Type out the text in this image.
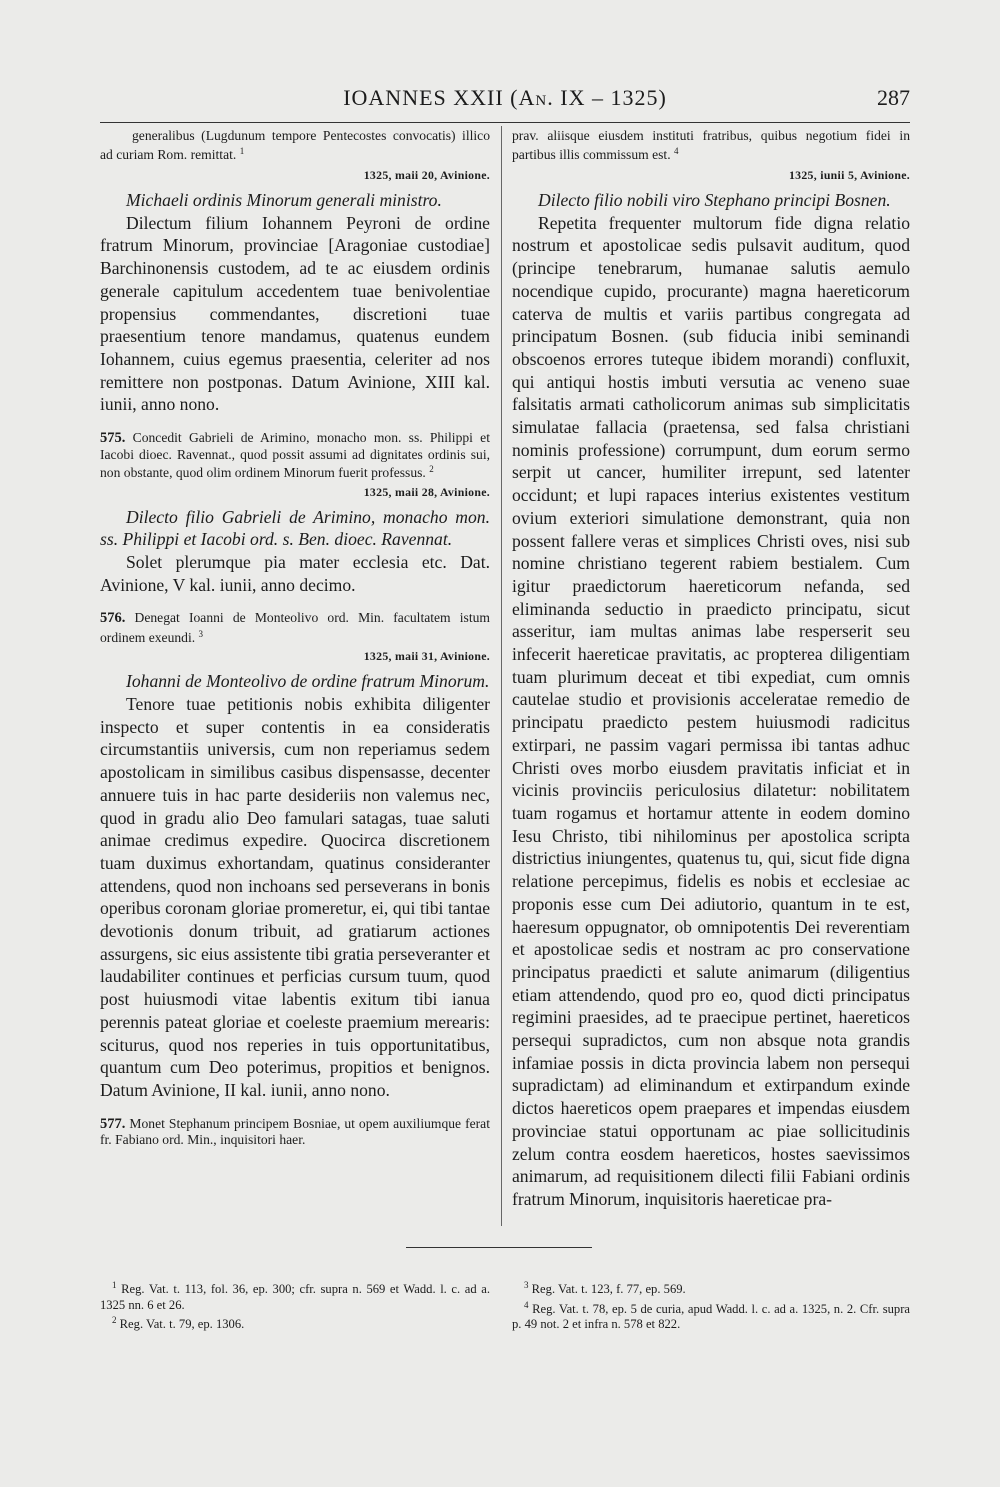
IOANNES XXII (AN. IX – 1325)	287

generalibus (Lugdunum tempore Pentecostes convocatis) illico ad curiam Rom. remittat. $^1$

1325, maii 20, Avinione.

Michaeli ordinis Minorum generali ministro.

Dilectum filium Iohannem Peyroni de ordine fratrum Minorum, provinciae [Aragoniae custodiae] Barchinonensis custodem, ad te ac eiusdem ordinis generale capitulum accedentem tuae benivolentiae propensius commendantes, discretioni tuae praesentium tenore mandamus, quatenus eundem Iohannem, cuius egemus praesentia, celeriter ad nos remittere non postponas. Datum Avinione, XIII kal. iunii, anno nono.

575. Concedit Gabrieli de Arimino, monacho mon. ss. Philippi et Iacobi dioec. Ravennat., quod possit assumi ad dignitates ordinis sui, non obstante, quod olim ordinem Minorum fuerit professus. $^2$

1325, maii 28, Avinione.

Dilecto filio Gabrieli de Arimino, monacho mon. ss. Philippi et Iacobi ord. s. Ben. dioec. Ravennat.

Solet plerumque pia mater ecclesia etc. Dat. Avinione, V kal. iunii, anno decimo.

576. Denegat Ioanni de Monteolivo ord. Min. facultatem istum ordinem exeundi. $^3$

1325, maii 31, Avinione.

Iohanni de Monteolivo de ordine fratrum Minorum.

Tenore tuae petitionis nobis exhibita diligenter inspecto et super contentis in ea consideratis circumstantiis universis, cum non reperiamus sedem apostolicam in similibus casibus dispensasse, decenter annuere tuis in hac parte desideriis non valemus nec, quod in gradu alio Deo famulari satagas, tuae saluti animae credimus expedire. Quocirca discretionem tuam duximus exhortandam, quatinus consideranter attendens, quod non inchoans sed perseverans in bonis operibus coronam gloriae promeretur, ei, qui tibi tantae devotionis donum tribuit, ad gratiarum actiones assurgens, sic eius assistente tibi gratia perseveranter et laudabiliter continues et perficias cursum tuum, quod post huiusmodi vitae labentis exitum tibi ianua perennis pateat gloriae et coeleste praemium merearis: sciturus, quod nos reperies in tuis opportunitatibus, quantum cum Deo poterimus, propitios et benignos. Datum Avinione, II kal. iunii, anno nono.

577. Monet Stephanum principem Bosniae, ut opem auxiliumque ferat fr. Fabiano ord. Min., inquisitori haer.

prav. aliisque eiusdem instituti fratribus, quibus negotium fidei in partibus illis commissum est. $^4$

1325, iunii 5, Avinione.

Dilecto filio nobili viro Stephano principi Bosnen.

Repetita frequenter multorum fide digna relatio nostrum et apostolicae sedis pulsavit auditum, quod (principe tenebrarum, humanae salutis aemulo nocendique cupido, procurante) magna haereticorum caterva de multis et variis partibus congregata ad principatum Bosnen. (sub fiducia inibi seminandi obscoenos errores tuteque ibidem morandi) confluxit, qui antiqui hostis imbuti versutia ac veneno suae falsitatis armati catholicorum animas sub simplicitatis simulatae fallacia (praetensa, sed falsa christiani nominis professione) corrumpunt, dum eorum sermo serpit ut cancer, humiliter irrepunt, sed latenter occidunt; et lupi rapaces interius existentes vestitum ovium exteriori simulatione demonstrant, quia non possent fallere veras et simplices Christi oves, nisi sub nomine christiano tegerent rabiem bestialem. Cum igitur praedictorum haereticorum nefanda, sed eliminanda seductio in praedicto principatu, sicut asseritur, iam multas animas labe resperserit seu infecerit haereticae pravitatis, ac propterea diligentiam tuam plurimum deceat et tibi expediat, cum omnis cautelae studio et provisionis acceleratae remedio de principatu praedicto pestem huiusmodi radicitus extirpari, ne passim vagari permissa ibi tantas adhuc Christi oves morbo eiusdem pravitatis inficiat et in vicinis provinciis periculosius dilatetur: nobilitatem tuam rogamus et hortamur attente in eodem domino Iesu Christo, tibi nihilominus per apostolica scripta districtius iniungentes, quatenus tu, qui, sicut fide digna relatione percepimus, fidelis es nobis et ecclesiae ac proponis esse cum Dei adiutorio, quantum in te est, haeresum oppugnator, ob omnipotentis Dei reverentiam et apostolicae sedis et nostram ac pro conservatione principatus praedicti et salute animarum (diligentius etiam attendendo, quod pro eo, quod dicti principatus regimini praesides, ad te praecipue pertinet, haereticos persequi supradictos, cum non absque nota grandis infamiae possis in dicta provincia labem non persequi supradictam) ad eliminandum et extirpandum exinde dictos haereticos opem praepares et impendas eiusdem provinciae statui opportunam ac piae sollicitudinis zelum contra eosdem haereticos, hostes saevissimos animarum, ad requisitionem dilecti filii Fabiani ordinis fratrum Minorum, inquisitoris haereticae pra-

$^1$ Reg. Vat. t. 113, fol. 36, ep. 300; cfr. supra n. 569 et Wadd. l. c. ad a. 1325 nn. 6 et 26.

$^2$ Reg. Vat. t. 79, ep. 1306.

$^3$ Reg. Vat. t. 123, f. 77, ep. 569.

$^4$ Reg. Vat. t. 78, ep. 5 de curia, apud Wadd. l. c. ad a. 1325, n. 2. Cfr. supra p. 49 not. 2 et infra n. 578 et 822.
